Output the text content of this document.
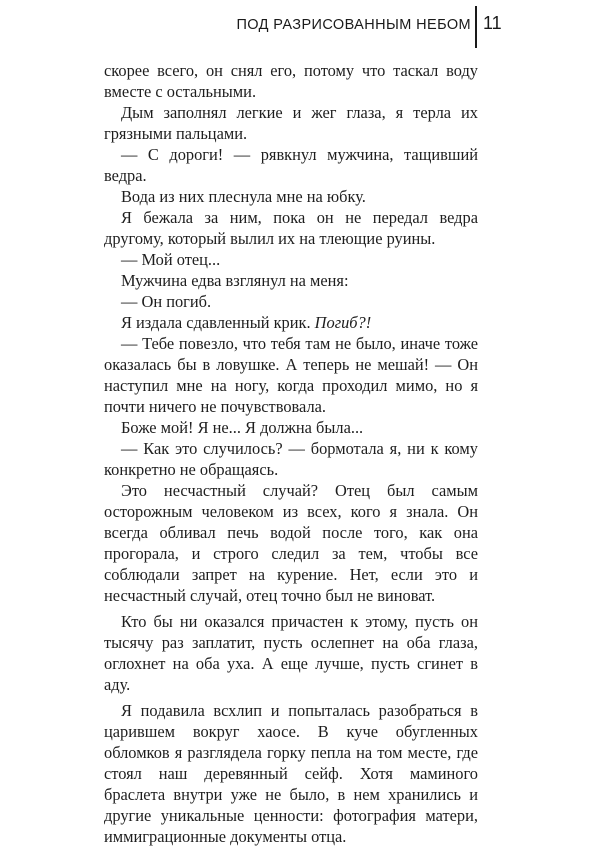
ПОД РАЗРИСОВАННЫМ НЕБОМ 11

скорее всего, он снял его, потому что таскал воду вместе с остальными.

Дым заполнял легкие и жег глаза, я терла их грязными пальцами.

— С дороги! — рявкнул мужчина, тащивший ведра.

Вода из них плеснула мне на юбку.

Я бежала за ним, пока он не передал ведра другому, который вылил их на тлеющие руины.

— Мой отец...

Мужчина едва взглянул на меня:

— Он погиб.

Я издала сдавленный крик. Погиб?!

— Тебе повезло, что тебя там не было, иначе тоже оказалась бы в ловушке. А теперь не мешай! — Он наступил мне на ногу, когда проходил мимо, но я почти ничего не почувствовала.

Боже мой! Я не... Я должна была...

— Как это случилось? — бормотала я, ни к кому конкретно не обращаясь.

Это несчастный случай? Отец был самым осторожным человеком из всех, кого я знала. Он всегда обливал печь водой после того, как она прогорала, и строго следил за тем, чтобы все соблюдали запрет на курение. Нет, если это и несчастный случай, отец точно был не виноват.

Кто бы ни оказался причастен к этому, пусть он тысячу раз заплатит, пусть ослепнет на оба глаза, оглохнет на оба уха. А еще лучше, пусть сгинет в аду.

Я подавила всхлип и попыталась разобраться в царившем вокруг хаосе. В куче обугленных обломков я разглядела горку пепла на том месте, где стоял наш деревянный сейф. Хотя маминого браслета внутри уже не было, в нем хранились и другие уникальные ценности: фотография матери, иммиграционные документы отца.
